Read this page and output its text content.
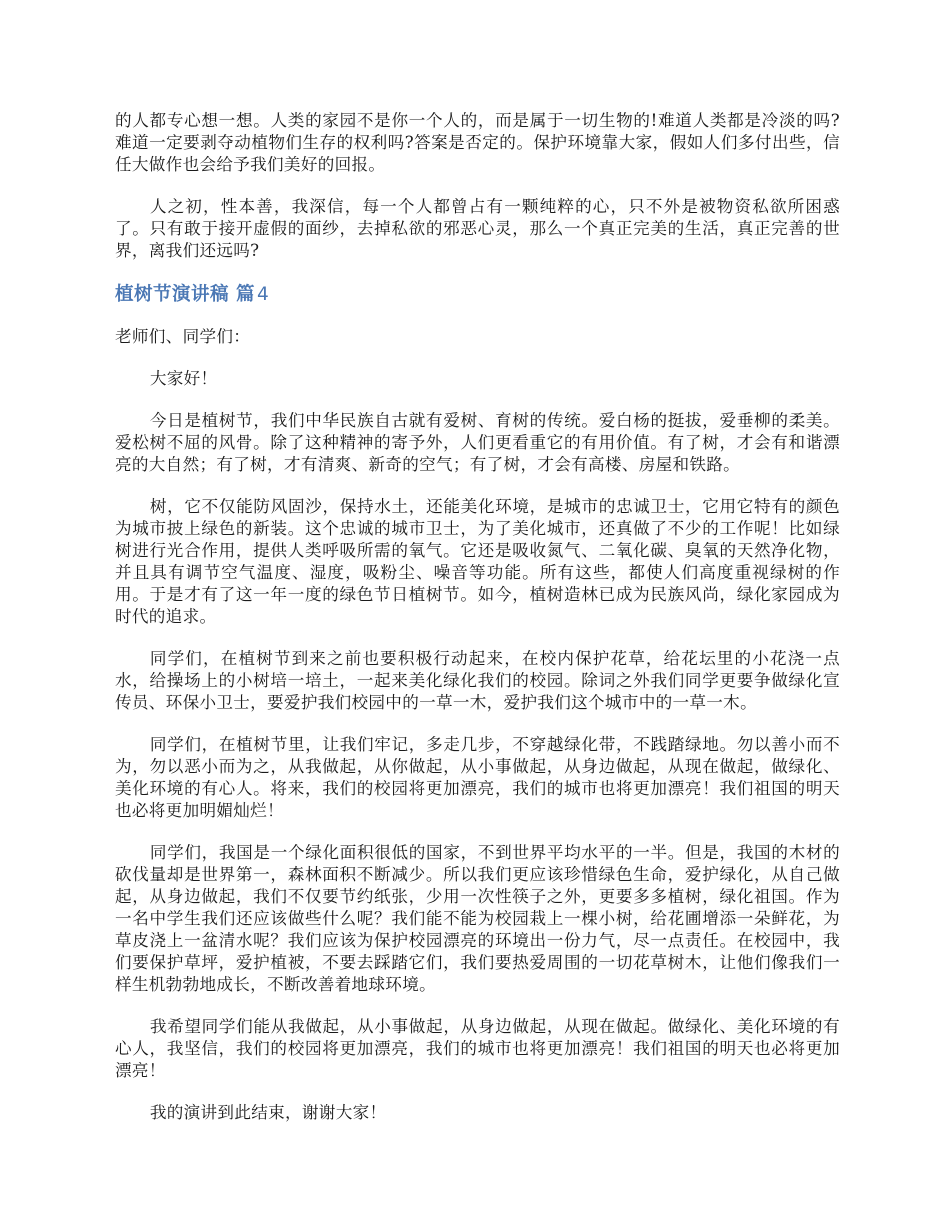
的人都专心想一想。人类的家园不是你一个人的，而是属于一切生物的!难道人类都是冷淡的吗?难道一定要剥夺动植物们生存的权利吗?答案是否定的。保护环境靠大家，假如人们多付出些，信任大做作也会给予我们美好的回报。

人之初，性本善，我深信，每一个人都曾占有一颗纯粹的心，只不外是被物资私欲所困惑了。只有敢于接开虚假的面纱，去掉私欲的邪恶心灵，那么一个真正完美的生活，真正完善的世界，离我们还远吗?

植树节演讲稿 篇 4

老师们、同学们：

大家好！

今日是植树节，我们中华民族自古就有爱树、育树的传统。爱白杨的挺拔，爱垂柳的柔美。爱松树不屈的风骨。除了这种精神的寄予外，人们更看重它的有用价值。有了树，才会有和谐漂亮的大自然；有了树，才有清爽、新奇的空气；有了树，才会有高楼、房屋和铁路。

树，它不仅能防风固沙，保持水土，还能美化环境，是城市的忠诚卫士，它用它特有的颜色为城市披上绿色的新装。这个忠诚的城市卫士，为了美化城市，还真做了不少的工作呢！比如绿树进行光合作用，提供人类呼吸所需的氧气。它还是吸收氮气、二氧化碳、臭氧的天然净化物，并且具有调节空气温度、湿度，吸粉尘、噪音等功能。所有这些，都使人们高度重视绿树的作用。于是才有了这一年一度的绿色节日植树节。如今，植树造林已成为民族风尚，绿化家园成为时代的追求。

同学们，在植树节到来之前也要积极行动起来，在校内保护花草，给花坛里的小花浇一点水，给操场上的小树培一培土，一起来美化绿化我们的校园。除词之外我们同学更要争做绿化宣传员、环保小卫士，要爱护我们校园中的一草一木，爱护我们这个城市中的一草一木。

同学们，在植树节里，让我们牢记，多走几步，不穿越绿化带，不践踏绿地。勿以善小而不为，勿以恶小而为之，从我做起，从你做起，从小事做起，从身边做起，从现在做起，做绿化、美化环境的有心人。将来，我们的校园将更加漂亮，我们的城市也将更加漂亮！我们祖国的明天也必将更加明媚灿烂！

同学们，我国是一个绿化面积很低的国家，不到世界平均水平的一半。但是，我国的木材的砍伐量却是世界第一，森林面积不断减少。所以我们更应该珍惜绿色生命，爱护绿化，从自己做起，从身边做起，我们不仅要节约纸张，少用一次性筷子之外，更要多多植树，绿化祖国。作为一名中学生我们还应该做些什么呢？我们能不能为校园栽上一棵小树，给花圃增添一朵鲜花，为草皮浇上一盆清水呢？我们应该为保护校园漂亮的环境出一份力气，尽一点责任。在校园中，我们要保护草坪，爱护植被，不要去踩踏它们，我们要热爱周围的一切花草树木，让他们像我们一样生机勃勃地成长，不断改善着地球环境。

我希望同学们能从我做起，从小事做起，从身边做起，从现在做起。做绿化、美化环境的有心人，我坚信，我们的校园将更加漂亮，我们的城市也将更加漂亮！我们祖国的明天也必将更加漂亮！

我的演讲到此结束，谢谢大家！
